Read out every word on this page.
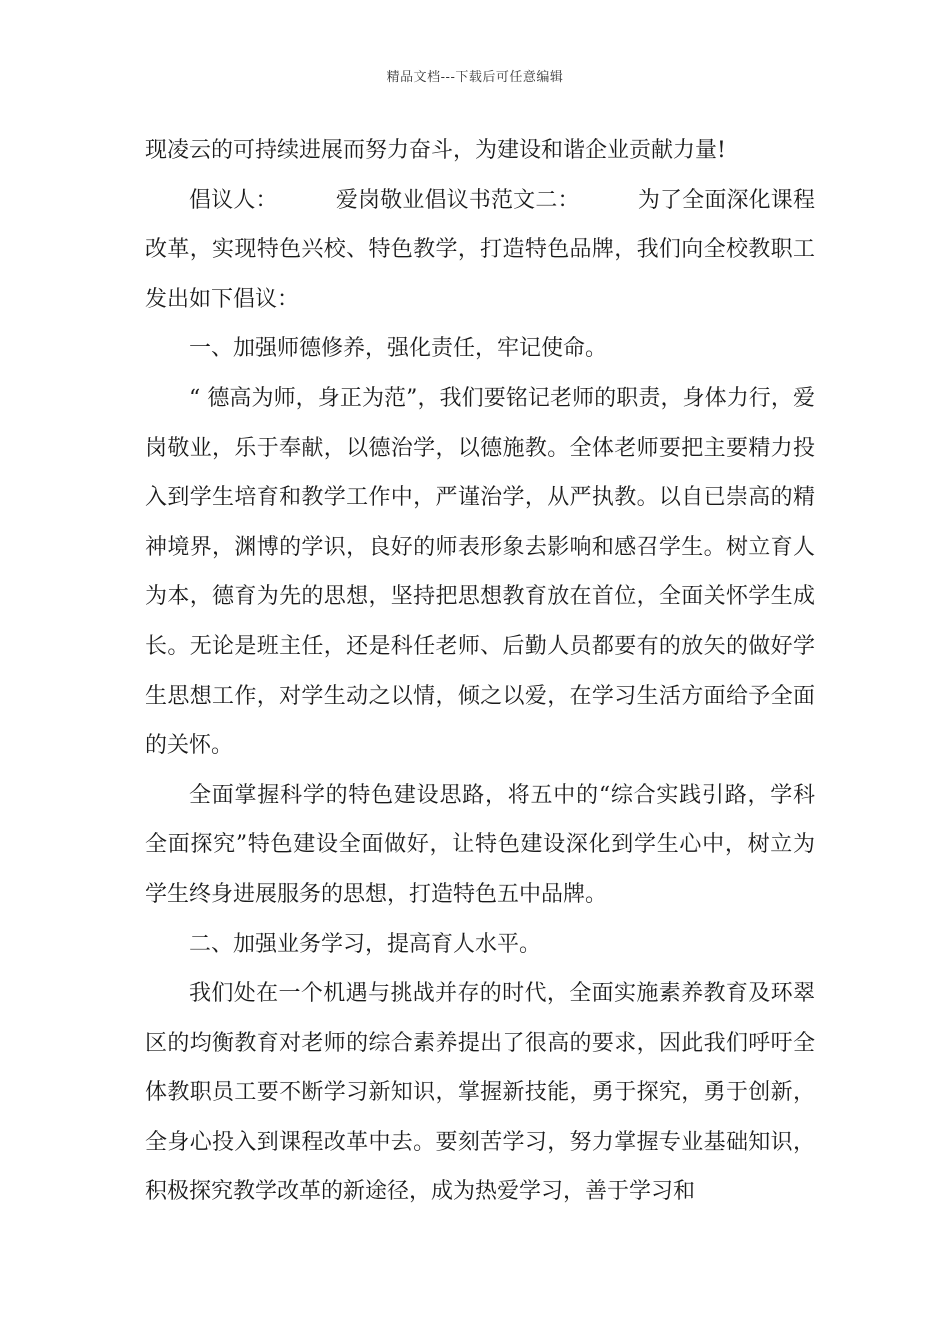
精品文档---下载后可任意编辑

现凌云的可持续进展而努力奋斗，为建设和谐企业贡献力量!

倡议人：	爱岗敬业倡议书范文二：	为了全面深化课程改革，实现特色兴校、特色教学，打造特色品牌，我们向全校教职工发出如下倡议：

一、加强师德修养，强化责任，牢记使命。

“ 德高为师，身正为范”，我们要铭记老师的职责，身体力行，爱岗敬业，乐于奉献，以德治学，以德施教。全体老师要把主要精力投入到学生培育和教学工作中，严谨治学，从严执教。以自已崇高的精神境界，渊博的学识，良好的师表形象去影响和感召学生。树立育人为本，德育为先的思想，坚持把思想教育放在首位，全面关怀学生成长。无论是班主任，还是科任老师、后勤人员都要有的放矢的做好学生思想工作，对学生动之以情，倾之以爱，在学习生活方面给予全面的关怀。

全面掌握科学的特色建设思路，将五中的“综合实践引路，学科全面探究”特色建设全面做好，让特色建设深化到学生心中，树立为学生终身进展服务的思想，打造特色五中品牌。

二、加强业务学习，提高育人水平。

我们处在一个机遇与挑战并存的时代，全面实施素养教育及环翠区的均衡教育对老师的综合素养提出了很高的要求，因此我们呼吁全体教职员工要不断学习新知识，掌握新技能，勇于探究，勇于创新，全身心投入到课程改革中去。要刻苦学习，努力掌握专业基础知识，积极探究教学改革的新途径，成为热爱学习，善于学习和
